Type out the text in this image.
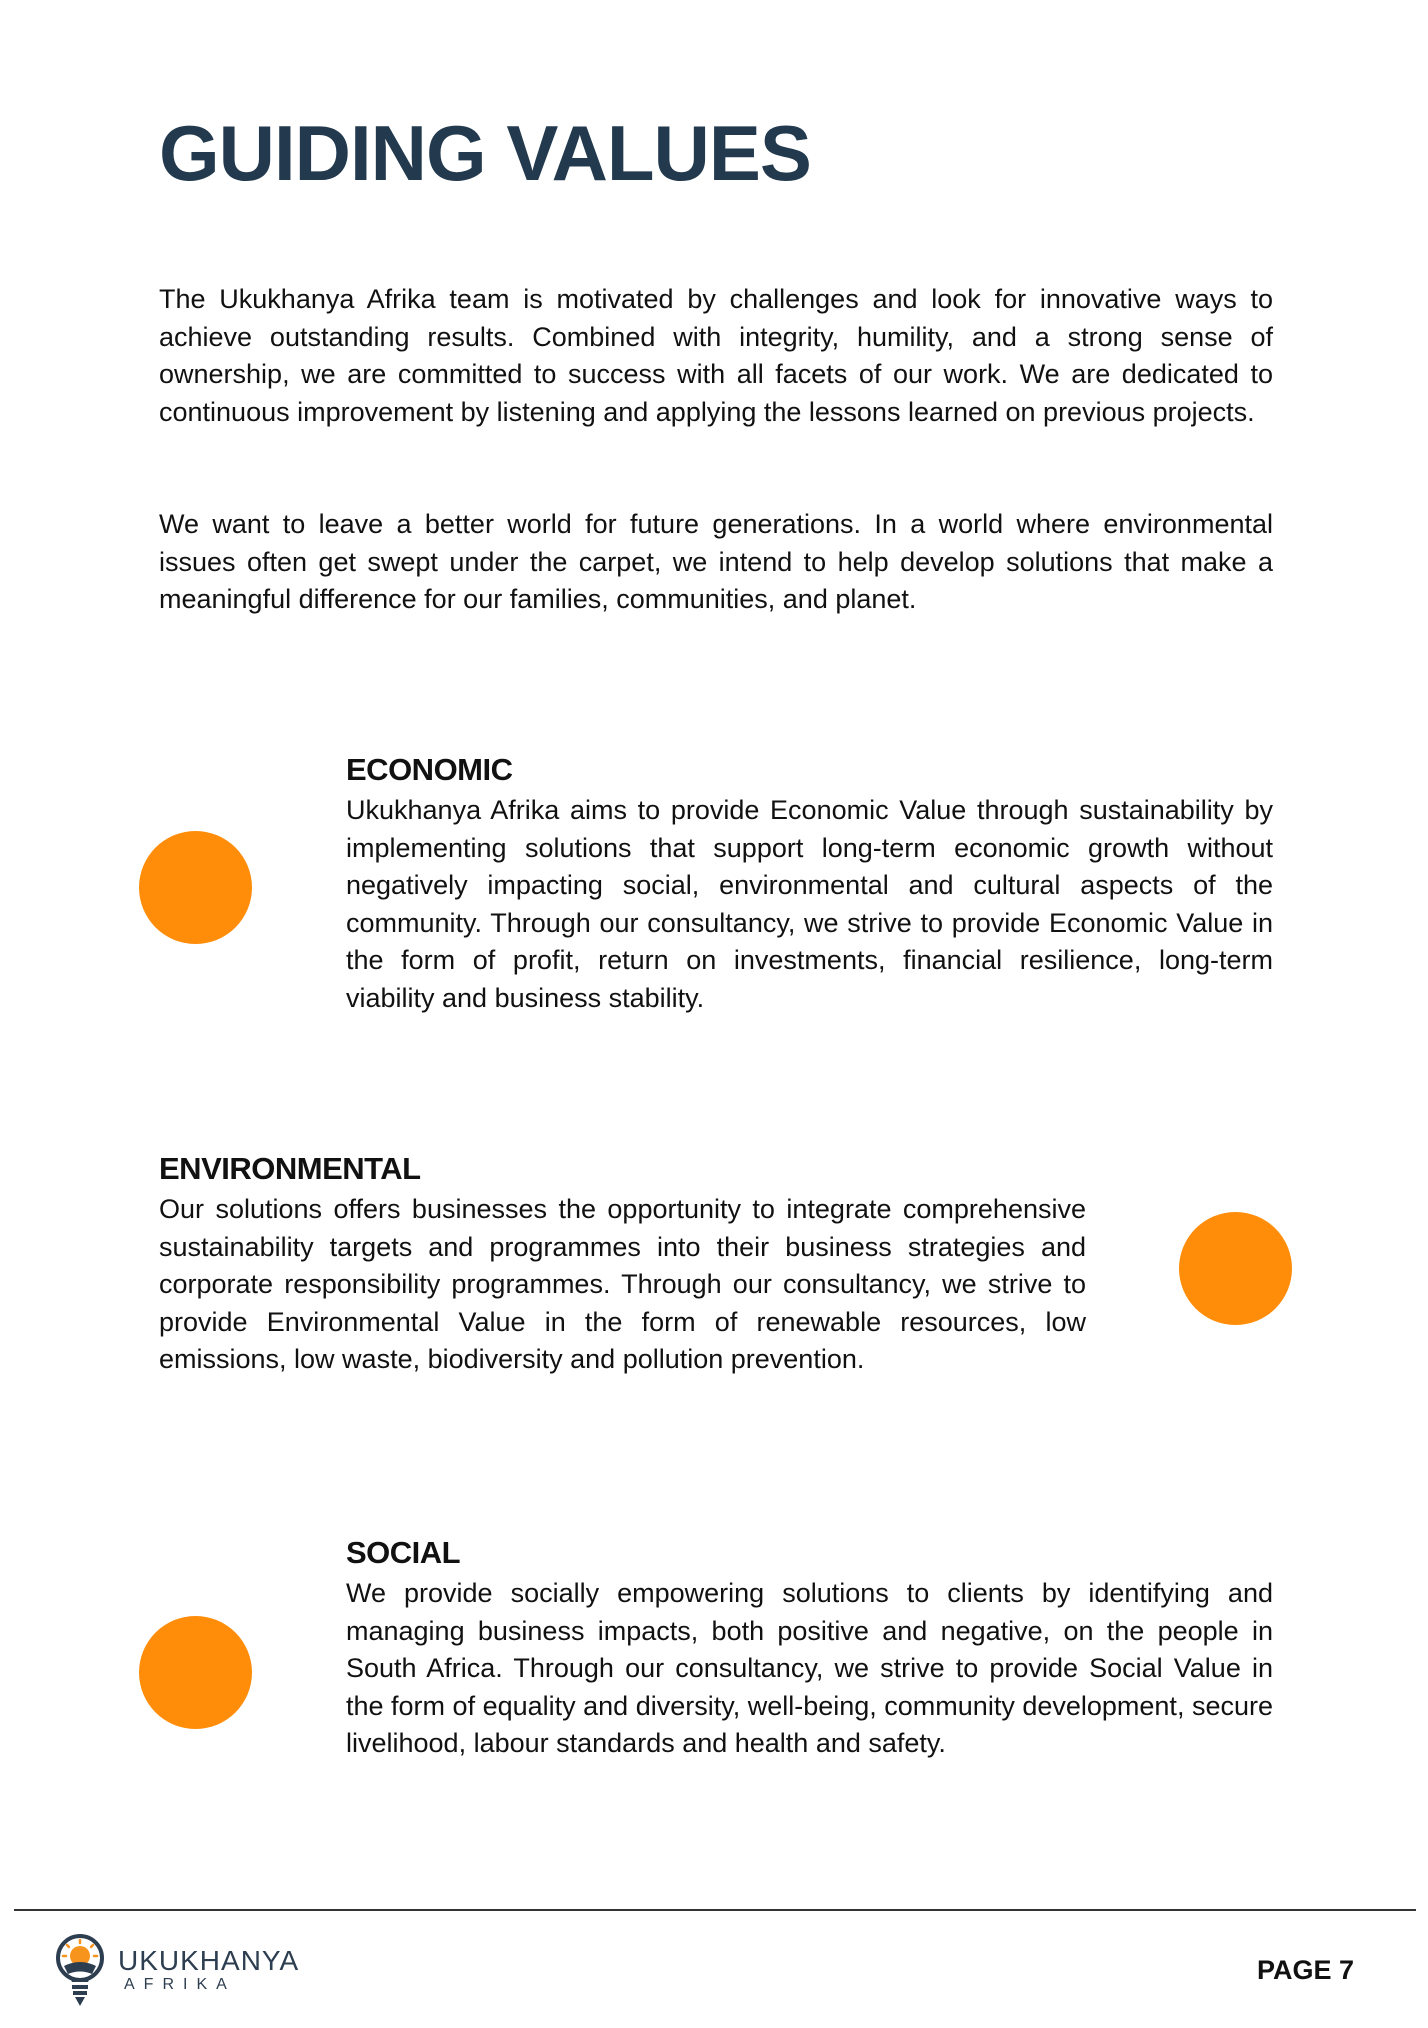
GUIDING VALUES

The Ukukhanya Afrika team is motivated by challenges and look for innovative ways to achieve outstanding results. Combined with integrity, humility, and a strong sense of ownership, we are committed to success with all facets of our work. We are dedicated to continuous improvement by listening and applying the lessons learned on previous projects.

We want to leave a better world for future generations. In a world where environmental issues often get swept under the carpet, we intend to help develop solutions that make a meaningful difference for our families, communities, and planet.

ECONOMIC

Ukukhanya Afrika aims to provide Economic Value through sustainability by implementing solutions that support long-term economic growth without negatively impacting social, environmental and cultural aspects of the community. Through our consultancy, we strive to provide Economic Value in the form of profit, return on investments, financial resilience, long-term viability and business stability.

ENVIRONMENTAL

Our solutions offers businesses the opportunity to integrate comprehensive sustainability targets and programmes into their business strategies and corporate responsibility programmes. Through our consultancy, we strive to provide Environmental Value in the form of renewable resources, low emissions, low waste, biodiversity and pollution prevention.

SOCIAL

We provide socially empowering solutions to clients by identifying and managing business impacts, both positive and negative, on the people in South Africa. Through our consultancy, we strive to provide Social Value in the form of equality and diversity, well-being, community development, secure livelihood, labour standards and health and safety.

UKUKHANYA
AFRIKA	PAGE 7
